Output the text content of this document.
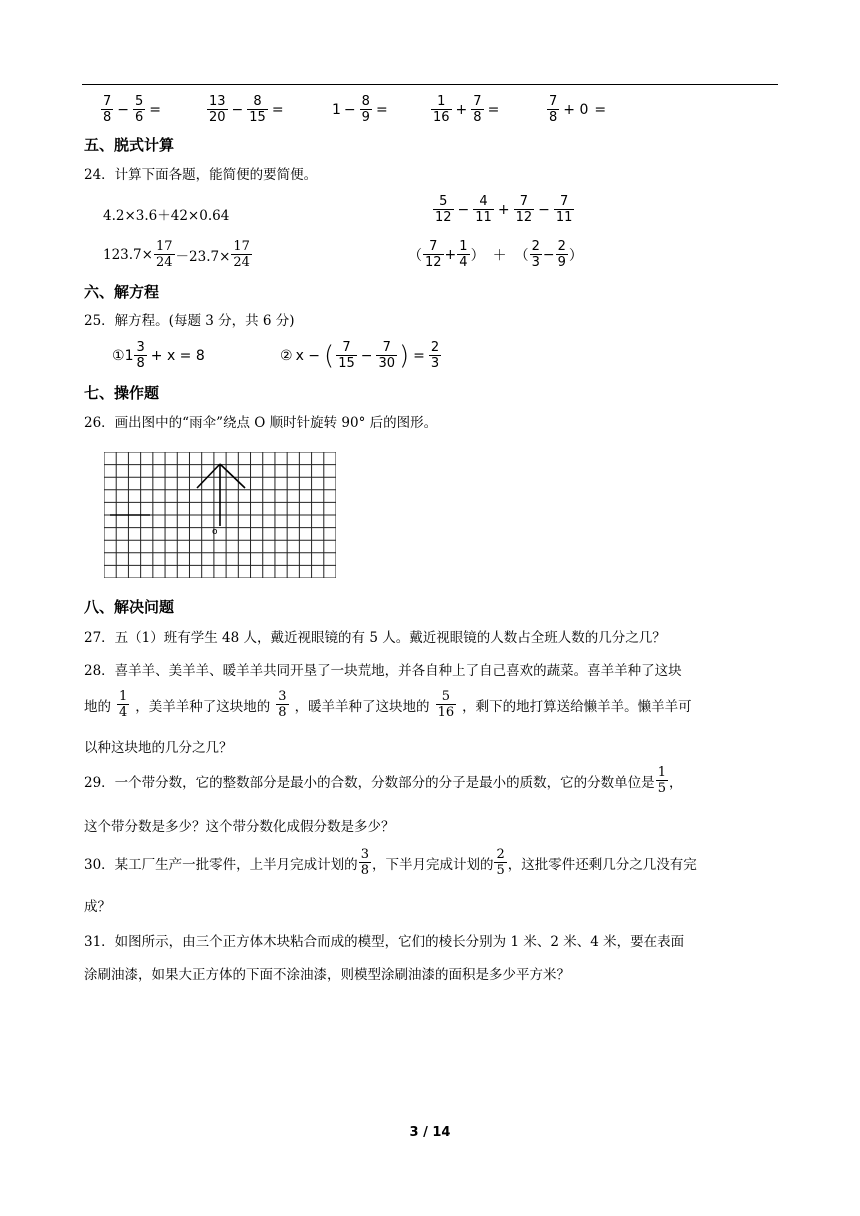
$\frac{7}{8} - \frac{5}{6}$ =	$\frac{13}{20} - \frac{8}{15}$ =	$1 - \frac{8}{9}$ =	$\frac{1}{16} + \frac{7}{8}$ =	$\frac{7}{8} + 0$ =
五、脱式计算
24．计算下面各题，能简便的要简便。
4.2×3.6＋42×0.64	$\frac{5}{12} - \frac{4}{11} + \frac{7}{12} - \frac{7}{11}$
$123.7\times \frac{17}{24} -23.7\times \frac{17}{24}$	（ $\frac{7}{12} + \frac{1}{4}$ ） ＋ （ $\frac{2}{3} - \frac{2}{9}$ ）
六、解方程
25．解方程。(每题 3 分，共 6 分)
① $1 \frac{3}{8} + x = 8$	② x − ( $\frac{7}{15} - \frac{7}{30}$ ) = $\frac{2}{3}$
七、操作题
26．画出图中的“雨伞”绕点 O 顺时针旋转 90° 后的图形。
o
八、解决问题
27．五（1）班有学生 48 人，戴近视眼镜的有 5 人。戴近视眼镜的人数占全班人数的几分之几？
28．喜羊羊、美羊羊、暖羊羊共同开垦了一块荒地，并各自种上了自己喜欢的蔬菜。喜羊羊种了这块
地的 $\frac{1}{4}$ ，美羊羊种了这块地的 $\frac{3}{8}$ ，暖羊羊种了这块地的 $\frac{5}{16}$ ，剩下的地打算送给懒羊羊。懒羊羊可
以种这块地的几分之几？
29．一个带分数，它的整数部分是最小的合数，分数部分的分子是最小的质数，它的分数单位是 $\frac{1}{5}$ ，
这个带分数是多少？这个带分数化成假分数是多少？
30．某工厂生产一批零件，上半月完成计划的 $\frac{3}{8}$ ，下半月完成计划的 $\frac{2}{5}$ ，这批零件还剩几分之几没有完
成？
31．如图所示，由三个正方体木块粘合而成的模型，它们的棱长分别为 1 米、2 米、4 米，要在表面
涂刷油漆，如果大正方体的下面不涂油漆，则模型涂刷油漆的面积是多少平方米？
3 / 14
